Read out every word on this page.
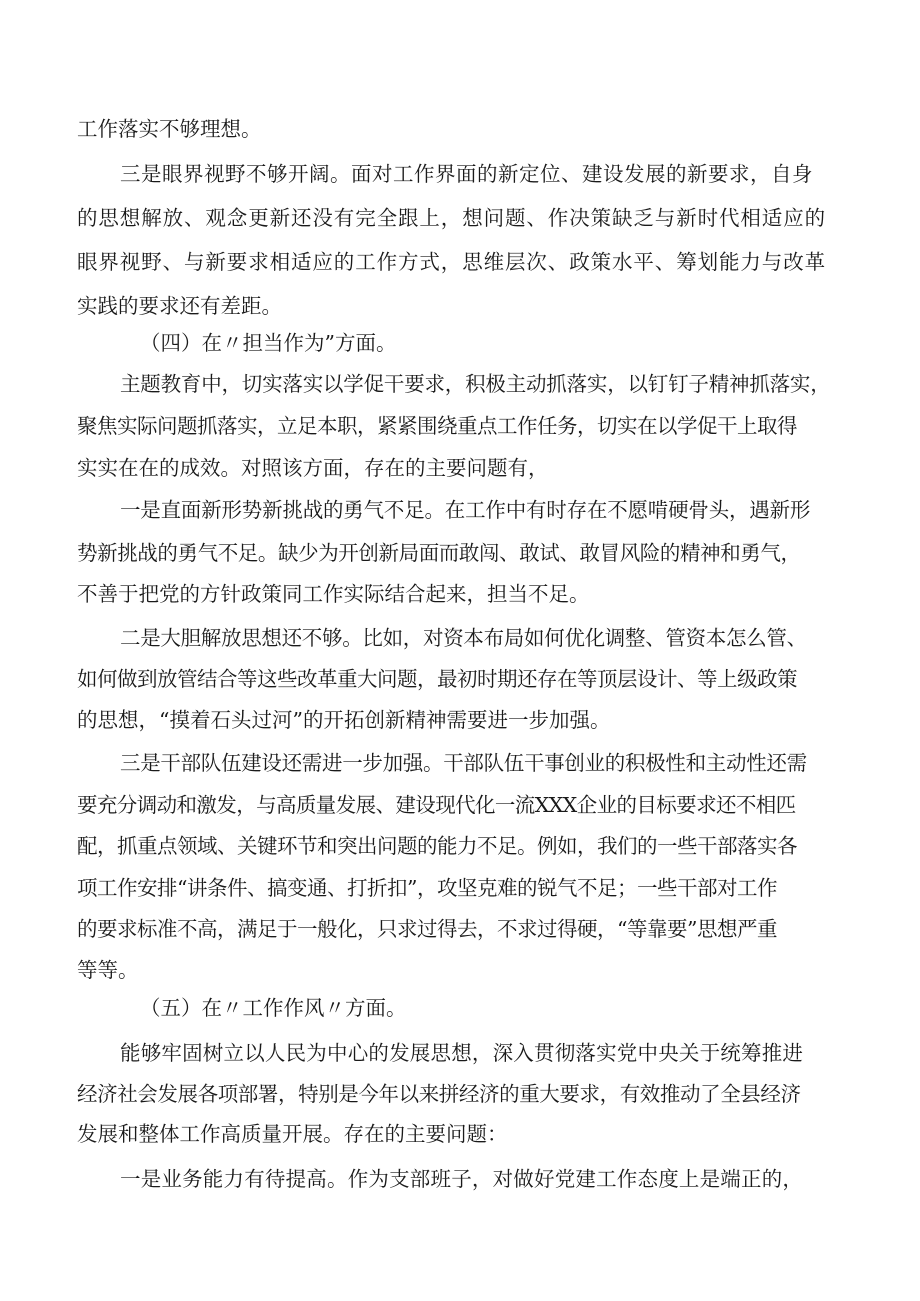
工作落实不够理想。
三是眼界视野不够开阔。面对工作界面的新定位、建设发展的新要求，自身
的思想解放、观念更新还没有完全跟上，想问题、作决策缺乏与新时代相适应的
眼界视野、与新要求相适应的工作方式，思维层次、政策水平、筹划能力与改革
实践的要求还有差距。
（四）在〃担当作为”方面。
主题教育中，切实落实以学促干要求，积极主动抓落实，以钉钉子精神抓落实，
聚焦实际问题抓落实，立足本职，紧紧围绕重点工作任务，切实在以学促干上取得
实实在在的成效。对照该方面，存在的主要问题有，
一是直面新形势新挑战的勇气不足。在工作中有时存在不愿啃硬骨头，遇新形
势新挑战的勇气不足。缺少为开创新局面而敢闯、敢试、敢冒风险的精神和勇气，
不善于把党的方针政策同工作实际结合起来，担当不足。
二是大胆解放思想还不够。比如，对资本布局如何优化调整、管资本怎么管、
如何做到放管结合等这些改革重大问题，最初时期还存在等顶层设计、等上级政策
的思想，“摸着石头过河”的开拓创新精神需要进一步加强。
三是干部队伍建设还需进一步加强。干部队伍干事创业的积极性和主动性还需
要充分调动和激发，与高质量发展、建设现代化一流XXX企业的目标要求还不相匹
配，抓重点领域、关键环节和突出问题的能力不足。例如，我们的一些干部落实各
项工作安排“讲条件、搞变通、打折扣”，攻坚克难的锐气不足；一些干部对工作
的要求标准不高，满足于一般化，只求过得去，不求过得硬，“等靠要”思想严重
等等。
（五）在〃工作作风〃方面。
能够牢固树立以人民为中心的发展思想，深入贯彻落实党中央关于统筹推进
经济社会发展各项部署，特别是今年以来拼经济的重大要求，有效推动了全县经济
发展和整体工作高质量开展。存在的主要问题：
一是业务能力有待提高。作为支部班子，对做好党建工作态度上是端正的，
